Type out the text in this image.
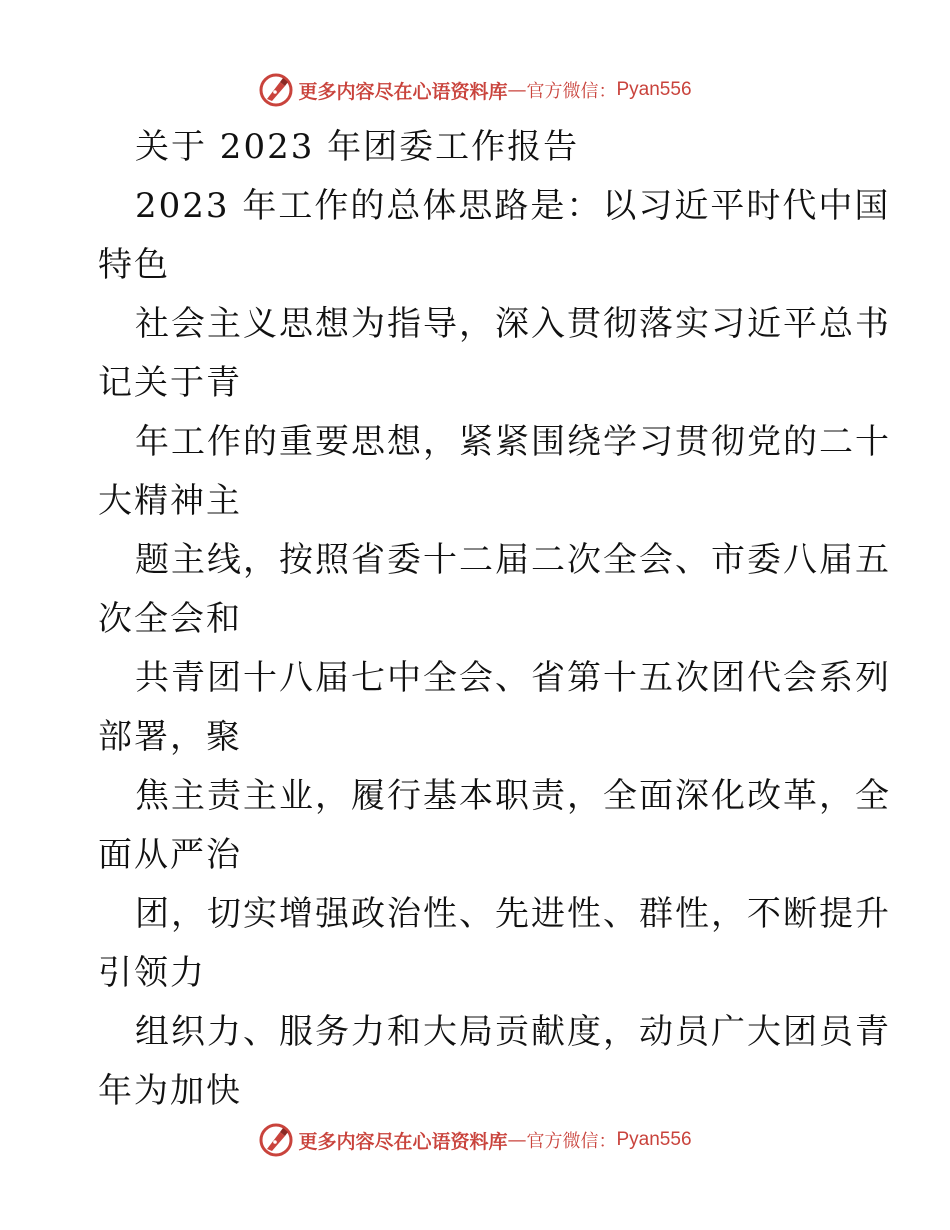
更多内容尽在心语资料库 — 官方微信： Pyan556
关于 2023 年团委工作报告
2023 年工作的总体思路是：以习近平时代中国
特色
社会主义思想为指导，深入贯彻落实习近平总书
记关于青
年工作的重要思想，紧紧围绕学习贯彻党的二十
大精神主
题主线，按照省委十二届二次全会、市委八届五
次全会和
共青团十八届七中全会、省第十五次团代会系列
部署，聚
焦主责主业，履行基本职责，全面深化改革，全
面从严治
团，切实增强政治性、先进性、群性，不断提升
引领力
组织力、服务力和大局贡献度，动员广大团员青
年为加快
更多内容尽在心语资料库 — 官方微信： Pyan556
